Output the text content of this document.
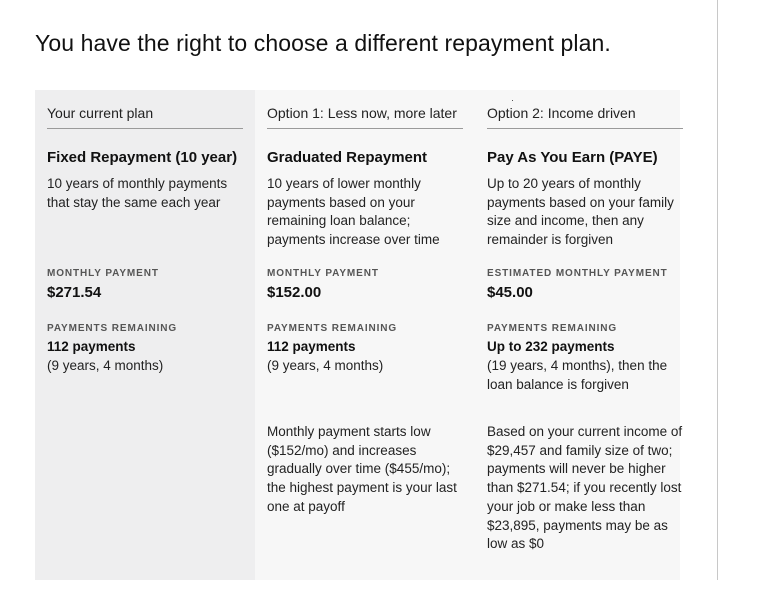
You have the right to choose a different repayment plan.
Your current plan
Fixed Repayment (10 year)
10 years of monthly payments that stay the same each year
MONTHLY PAYMENT
$271.54
PAYMENTS REMAINING
112 payments
(9 years, 4 months)
Option 1: Less now, more later
Graduated Repayment
10 years of lower monthly payments based on your remaining loan balance; payments increase over time
MONTHLY PAYMENT
$152.00
PAYMENTS REMAINING
112 payments
(9 years, 4 months)
Monthly payment starts low ($152/mo) and increases gradually over time ($455/mo); the highest payment is your last one at payoff
Option 2: Income driven
Pay As You Earn (PAYE)
Up to 20 years of monthly payments based on your family size and income, then any remainder is forgiven
ESTIMATED MONTHLY PAYMENT
$45.00
PAYMENTS REMAINING
Up to 232 payments
(19 years, 4 months), then the loan balance is forgiven
Based on your current income of $29,457 and family size of two; payments will never be higher than $271.54; if you recently lost your job or make less than $23,895, payments may be as low as $0
